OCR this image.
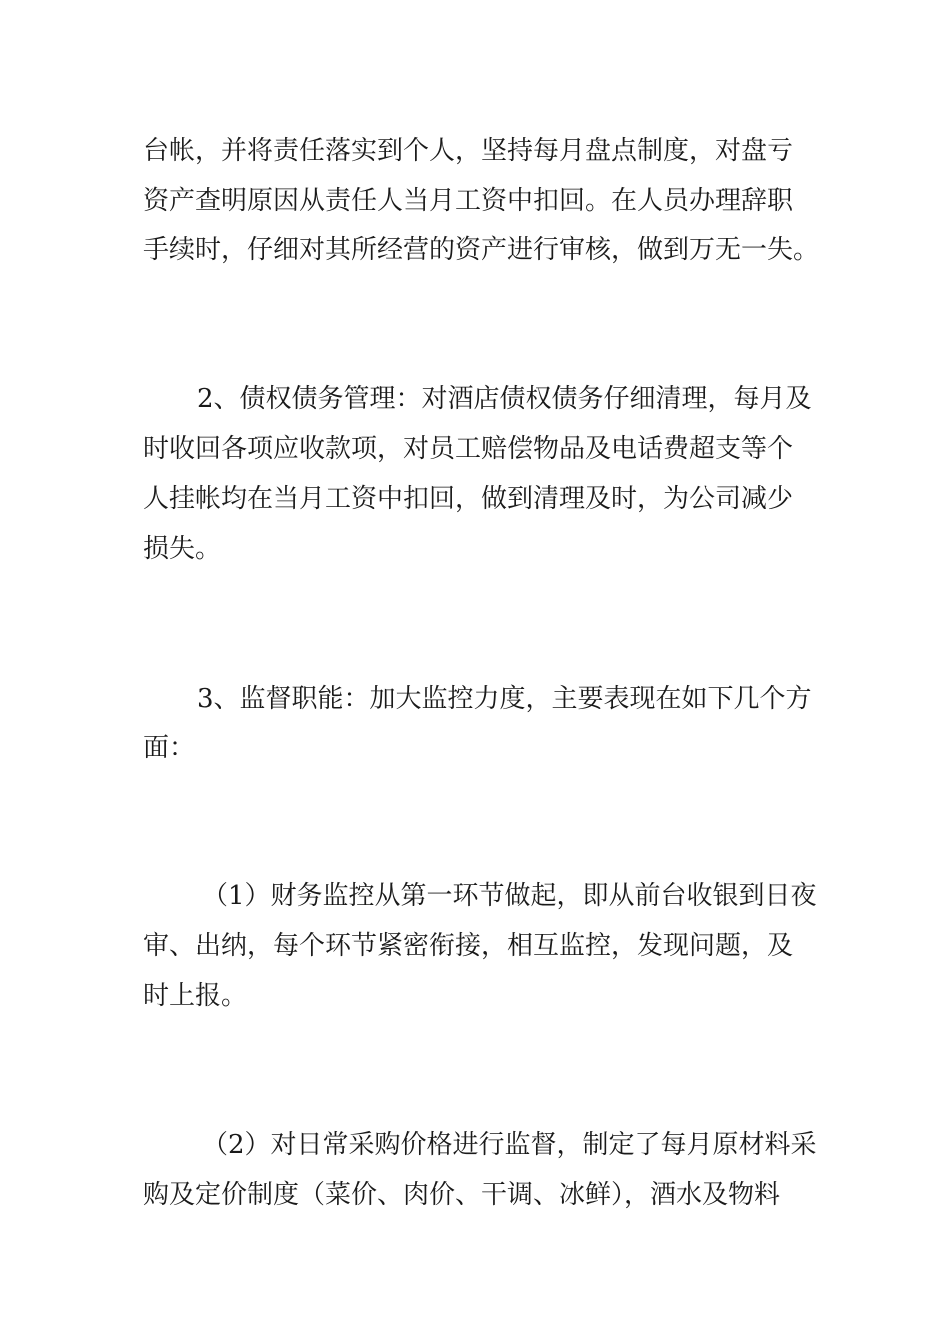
台帐，并将责任落实到个人，坚持每月盘点制度，对盘亏
资产查明原因从责任人当月工资中扣回。在人员办理辞职
手续时，仔细对其所经营的资产进行审核，做到万无一失。
2、债权债务管理：对酒店债权债务仔细清理，每月及
时收回各项应收款项，对员工赔偿物品及电话费超支等个
人挂帐均在当月工资中扣回，做到清理及时，为公司减少
损失。
3、监督职能：加大监控力度，主要表现在如下几个方
面：
（1）财务监控从第一环节做起，即从前台收银到日夜
审、出纳，每个环节紧密衔接，相互监控，发现问题，及
时上报。
（2）对日常采购价格进行监督，制定了每月原材料采
购及定价制度（菜价、肉价、干调、冰鲜），酒水及物料
